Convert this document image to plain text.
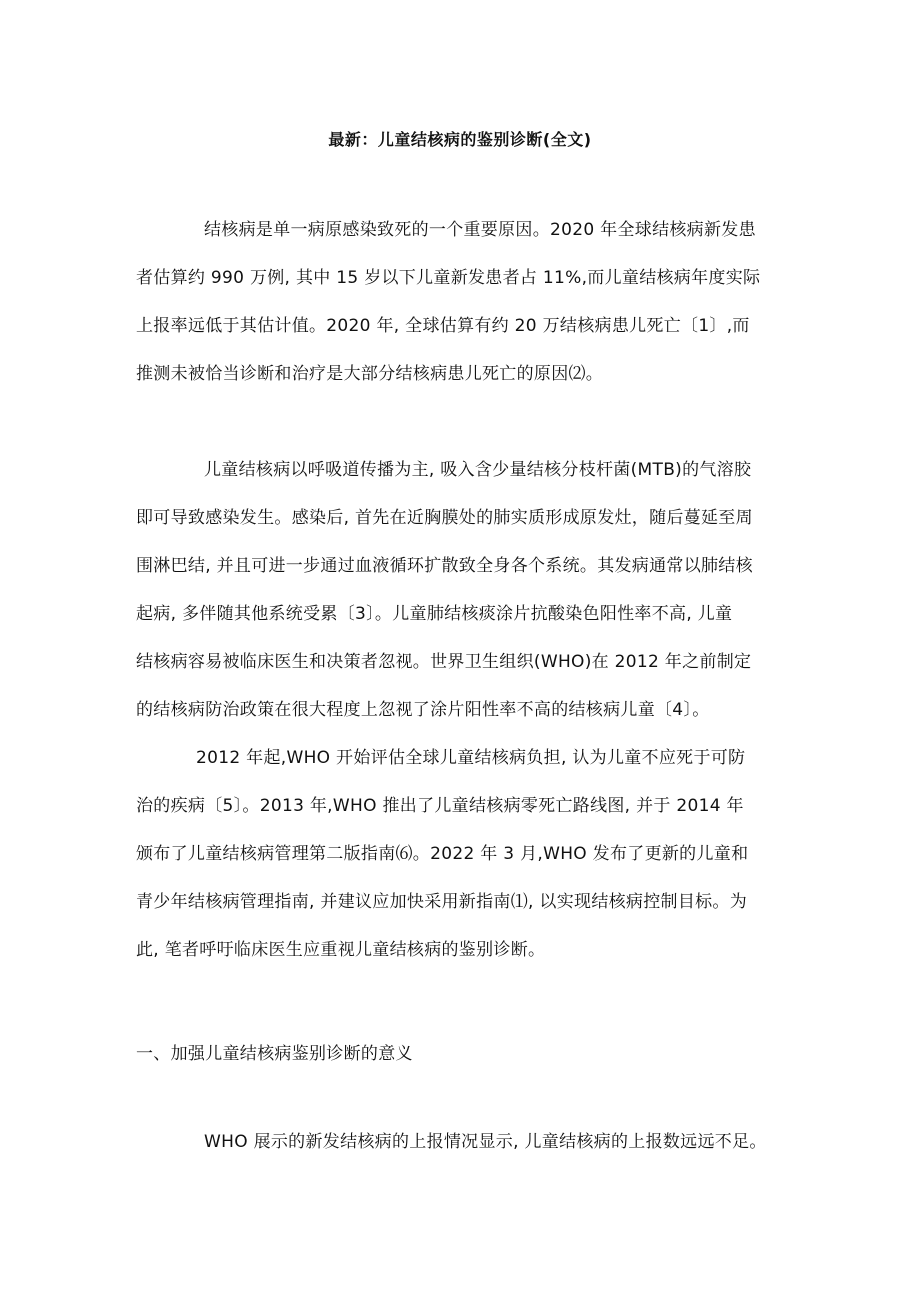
最新：儿童结核病的鉴别诊断(全文)
结核病是单一病原感染致死的一个重要原因。2020 年全球结核病新发患
者估算约 990 万例, 其中 15 岁以下儿童新发患者占 11%,而儿童结核病年度实际
上报率远低于其估计值。2020 年, 全球估算有约 20 万结核病患儿死亡〔1〕,而
推测未被恰当诊断和治疗是大部分结核病患儿死亡的原因⑵。
儿童结核病以呼吸道传播为主, 吸入含少量结核分枝杆菌(MTB)的气溶胶
即可导致感染发生。感染后, 首先在近胸膜处的肺实质形成原发灶，随后蔓延至周
围淋巴结, 并且可进一步通过血液循环扩散致全身各个系统。其发病通常以肺结核
起病, 多伴随其他系统受累〔3〕。儿童肺结核痰涂片抗酸染色阳性率不高, 儿童
结核病容易被临床医生和决策者忽视。世界卫生组织(WHO)在 2012 年之前制定
的结核病防治政策在很大程度上忽视了涂片阳性率不高的结核病儿童〔4〕。
2012 年起,WHO 开始评估全球儿童结核病负担, 认为儿童不应死于可防
治的疾病〔5〕。2013 年,WHO 推出了儿童结核病零死亡路线图, 并于 2014 年
颁布了儿童结核病管理第二版指南⑹。2022 年 3 月,WHO 发布了更新的儿童和
青少年结核病管理指南, 并建议应加快采用新指南⑴, 以实现结核病控制目标。为
此, 笔者呼吁临床医生应重视儿童结核病的鉴别诊断。
一、加强儿童结核病鉴别诊断的意义
WHO 展示的新发结核病的上报情况显示, 儿童结核病的上报数远远不足。
